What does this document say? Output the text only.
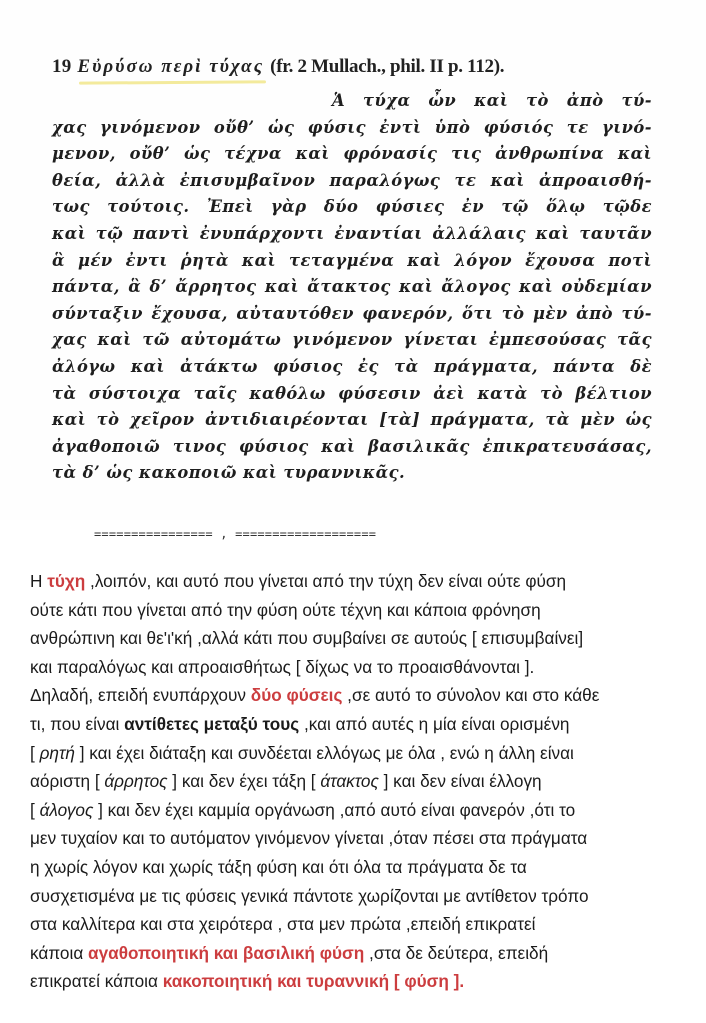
19 Εὐρύσω περὶ τύχας (fr. 2 Mullach., phil. II p. 112).
Ἁ τύχα ὦν καὶ τὸ ἀπὸ τύ-
χας γινόμενον οὔθ’ ὡς φύσις ἐντὶ ὑπὸ φύσιός τε γινό-
μενον, οὔθ’ ὡς τέχνα καὶ φρόνασίς τις ἀνθρωπίνα καὶ
θεία, ἀλλὰ ἐπισυμβαῖνον παραλόγως τε καὶ ἀπροαισθή-
τως τούτοις. Ἐπεὶ γὰρ δύο φύσιες ἐν τῷ ὅλῳ τῷδε
καὶ τῷ παντὶ ἐνυπάρχοντι ἐναντίαι ἀλλάλαις καὶ ταυτᾶν
ἃ μέν ἐντι ῥητὰ καὶ τεταγμένα καὶ λόγον ἔχουσα ποτὶ
πάντα, ἃ δ’ ἄρρητος καὶ ἄτακτος καὶ ἄλογος καὶ οὐδεμίαν
σύνταξιν ἔχουσα, αὐταυτόθεν φανερόν, ὅτι τὸ μὲν ἀπὸ τύ-
χας καὶ τῶ αὐτομάτω γινόμενον γίνεται ἐμπεσούσας τᾶς
ἀλόγω καὶ ἀτάκτω φύσιος ἐς τὰ πράγματα, πάντα δὲ
τὰ σύστοιχα ταῖς καθόλω φύσεσιν ἀεὶ κατὰ τὸ βέλτιον
καὶ τὸ χεῖρον ἀντιδιαιρέονται [τὰ] πράγματα, τὰ μὲν ὡς
ἀγαθοποιῶ τινος φύσιος καὶ βασιλικᾶς ἐπικρατευσάσας,
τὰ δ’ ὡς κακοποιῶ καὶ τυραννικᾶς.
================ , ===================
Η τύχη ,λοιπόν, και αυτό που γίνεται από την τύχη δεν είναι ούτε φύση
ούτε κάτι που γίνεται από την φύση ούτε τέχνη και κάποια φρόνηση
ανθρώπινη και θε'ι'κή ,αλλά κάτι που συμβαίνει σε αυτούς [ επισυμβαίνει]
και παραλόγως και απροαισθήτως [ δίχως να το προαισθάνονται ].
Δηλαδή, επειδή ενυπάρχουν δύο φύσεις ,σε αυτό το σύνολον και στο κάθε
τι, που είναι αντίθετες μεταξύ τους ,και από αυτές η μία είναι ορισμένη
[ ρητή ] και έχει διάταξη και συνδέεται ελλόγως με όλα , ενώ η άλλη είναι
αόριστη [ άρρητος ] και δεν έχει τάξη [ άτακτος ] και δεν είναι έλλογη
[ άλογος ] και δεν έχει καμμία οργάνωση ,από αυτό είναι φανερόν ,ότι το
μεν τυχαίον και το αυτόματον γινόμενον γίνεται ,όταν πέσει στα πράγματα
η χωρίς λόγον και χωρίς τάξη φύση και ότι όλα τα πράγματα δε τα
συσχετισμένα με τις φύσεις γενικά πάντοτε χωρίζονται με αντίθετον τρόπο
στα καλλίτερα και στα χειρότερα , στα μεν πρώτα ,επειδή επικρατεί
κάποια αγαθοποιητική και βασιλική φύση ,στα δε δεύτερα, επειδή
επικρατεί κάποια κακοποιητική και τυραννική [ φύση ].
